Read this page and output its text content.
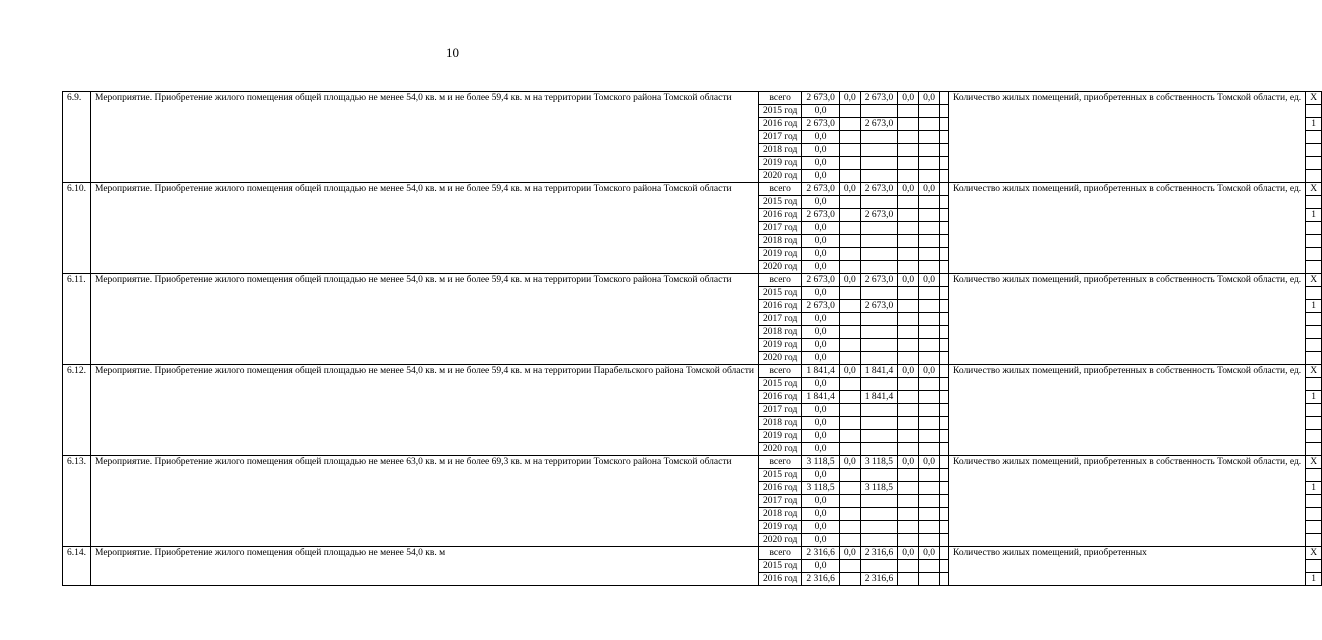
10
6.9.	Мероприятие. Приобретение жилого помещения общей площадью не менее 54,0 кв. м и не более 59,4 кв. м на территории Томского района Томской области	всего	2 673,0	0,0	2 673,0	0,0	0,0		Количество жилых помещений, приобретенных в собственность Томской области, ед.	Х
		2015 год	0,0							
		2016 год	2 673,0		2 673,0					1
		2017 год	0,0							
		2018 год	0,0							
		2019 год	0,0							
		2020 год	0,0							
6.10.	Мероприятие. Приобретение жилого помещения общей площадью не менее 54,0 кв. м и не более 59,4 кв. м на территории Томского района Томской области	всего	2 673,0	0,0	2 673,0	0,0	0,0		Количество жилых помещений, приобретенных в собственность Томской области, ед.	Х
		2015 год	0,0							
		2016 год	2 673,0		2 673,0					1
		2017 год	0,0							
		2018 год	0,0							
		2019 год	0,0							
		2020 год	0,0							
6.11.	Мероприятие. Приобретение жилого помещения общей площадью не менее 54,0 кв. м и не более 59,4 кв. м на территории Томского района Томской области	всего	2 673,0	0,0	2 673,0	0,0	0,0		Количество жилых помещений, приобретенных в собственность Томской области, ед.	Х
		2015 год	0,0							
		2016 год	2 673,0		2 673,0					1
		2017 год	0,0							
		2018 год	0,0							
		2019 год	0,0							
		2020 год	0,0							
6.12.	Мероприятие. Приобретение жилого помещения общей площадью не менее 54,0 кв. м и не более 59,4 кв. м на территории Парабельского района Томской области	всего	1 841,4	0,0	1 841,4	0,0	0,0		Количество жилых помещений, приобретенных в собственность Томской области, ед.	Х
		2015 год	0,0							
		2016 год	1 841,4		1 841,4					1
		2017 год	0,0							
		2018 год	0,0							
		2019 год	0,0							
		2020 год	0,0							
6.13.	Мероприятие. Приобретение жилого помещения общей площадью не менее 63,0 кв. м и не более 69,3 кв. м на территории Томского района Томской области	всего	3 118,5	0,0	3 118,5	0,0	0,0		Количество жилых помещений, приобретенных в собственность Томской области, ед.	Х
		2015 год	0,0							
		2016 год	3 118,5		3 118,5					1
		2017 год	0,0							
		2018 год	0,0							
		2019 год	0,0							
		2020 год	0,0							
6.14.	Мероприятие. Приобретение жилого помещения общей площадью не менее 54,0 кв. м	всего	2 316,6	0,0	2 316,6	0,0	0,0		Количество жилых помещений, приобретенных	Х
		2015 год	0,0							
		2016 год	2 316,6		2 316,6					1
